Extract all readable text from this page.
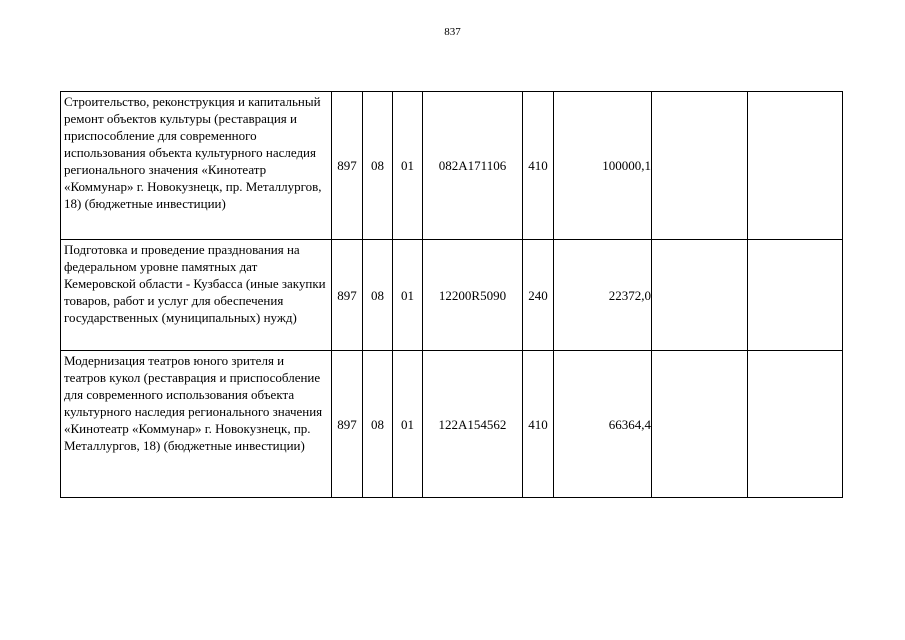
837
Строительство, реконструкция и капитальный ремонт объектов культуры (реставрация и приспособление для современного использования объекта культурного наследия регионального значения «Кинотеатр «Коммунар» г. Новокузнецк, пр. Металлургов, 18) (бюджетные инвестиции)	897	08	01	082A171106	410	100000,1		
Подготовка и проведение празднования на федеральном уровне памятных дат Кемеровской области - Кузбасса (иные закупки товаров, работ и услуг для обеспечения государственных (муниципальных) нужд)	897	08	01	12200R5090	240	22372,0		
Модернизация театров юного зрителя и театров кукол (реставрация и приспособление для современного использования объекта культурного наследия регионального значения «Кинотеатр «Коммунар» г. Новокузнецк, пр. Металлургов, 18) (бюджетные инвестиции)	897	08	01	122A154562	410	66364,4		
